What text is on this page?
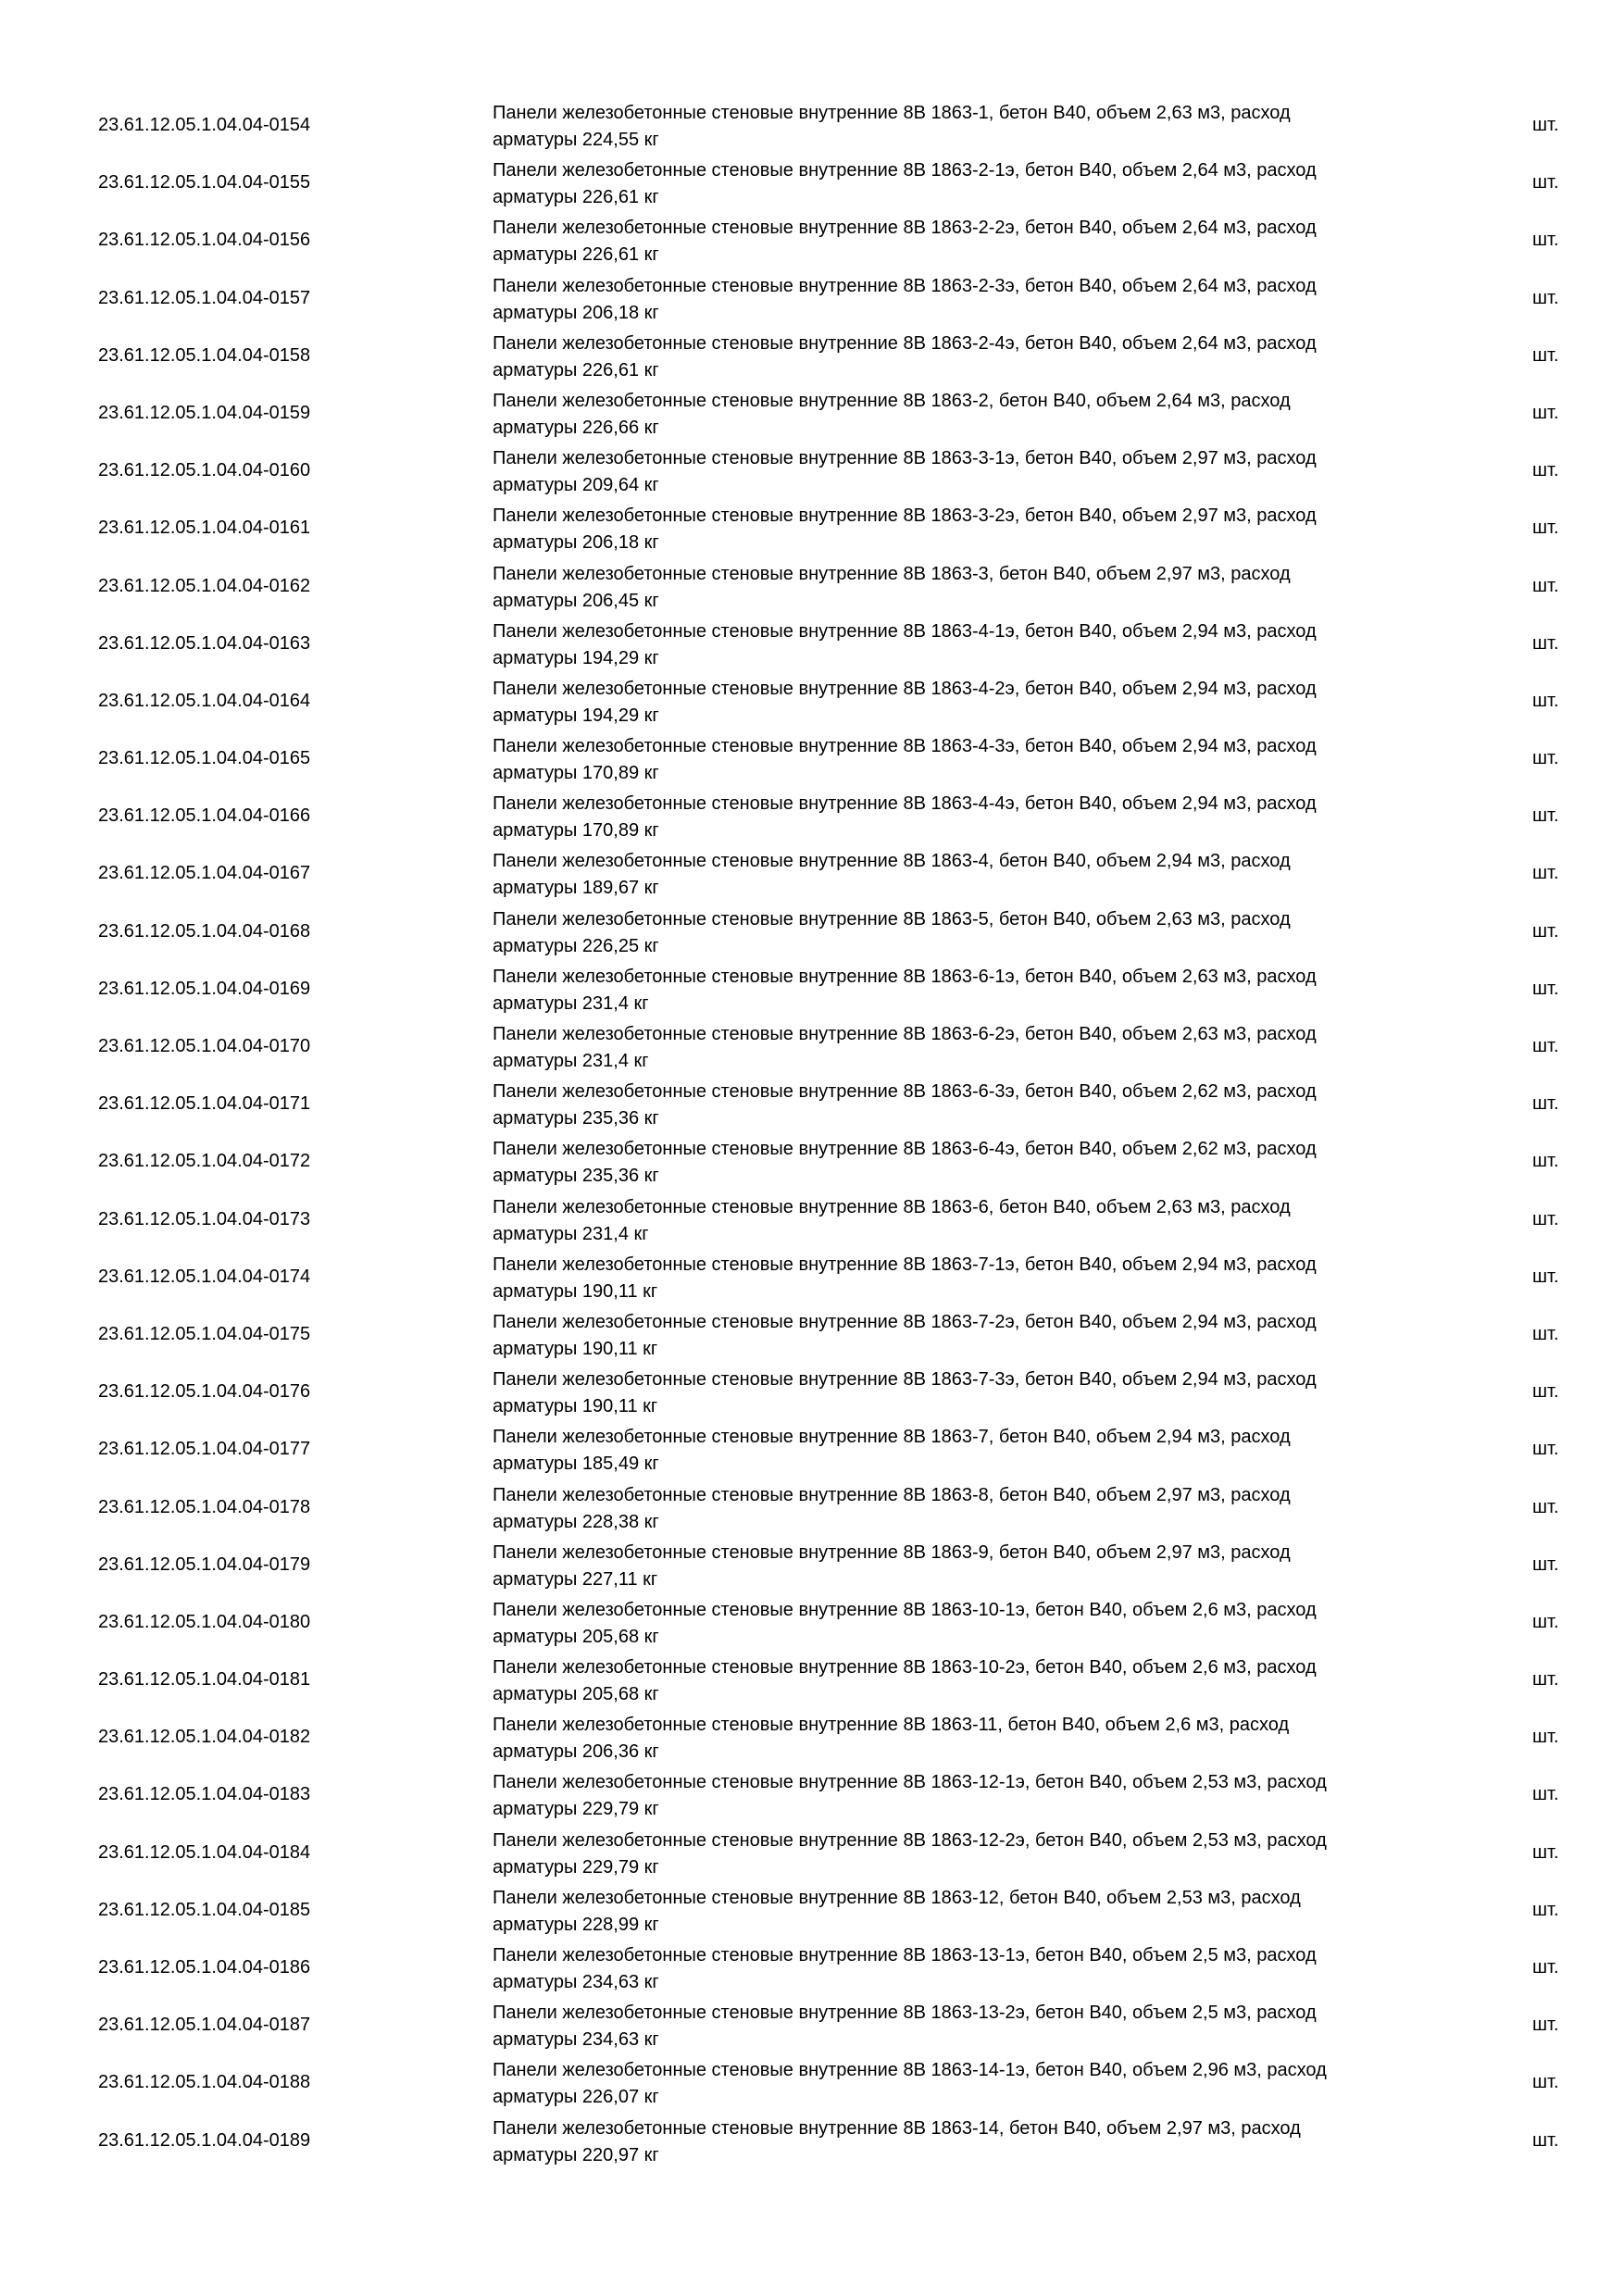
23.61.12.05.1.04.04-0154
Панели железобетонные стеновые внутренние 8В 1863-1, бетон В40, объем 2,63 м3, расход
арматуры 224,55 кг
шт.
23.61.12.05.1.04.04-0155
Панели железобетонные стеновые внутренние 8В 1863-2-1э, бетон В40, объем 2,64 м3, расход
арматуры 226,61 кг
шт.
23.61.12.05.1.04.04-0156
Панели железобетонные стеновые внутренние 8В 1863-2-2э, бетон В40, объем 2,64 м3, расход
арматуры 226,61 кг
шт.
23.61.12.05.1.04.04-0157
Панели железобетонные стеновые внутренние 8В 1863-2-3э, бетон В40, объем 2,64 м3, расход
арматуры 206,18 кг
шт.
23.61.12.05.1.04.04-0158
Панели железобетонные стеновые внутренние 8В 1863-2-4э, бетон В40, объем 2,64 м3, расход
арматуры 226,61 кг
шт.
23.61.12.05.1.04.04-0159
Панели железобетонные стеновые внутренние 8В 1863-2, бетон В40, объем 2,64 м3, расход
арматуры 226,66 кг
шт.
23.61.12.05.1.04.04-0160
Панели железобетонные стеновые внутренние 8В 1863-3-1э, бетон В40, объем 2,97 м3, расход
арматуры 209,64 кг
шт.
23.61.12.05.1.04.04-0161
Панели железобетонные стеновые внутренние 8В 1863-3-2э, бетон В40, объем 2,97 м3, расход
арматуры 206,18 кг
шт.
23.61.12.05.1.04.04-0162
Панели железобетонные стеновые внутренние 8В 1863-3, бетон В40, объем 2,97 м3, расход
арматуры 206,45 кг
шт.
23.61.12.05.1.04.04-0163
Панели железобетонные стеновые внутренние 8В 1863-4-1э, бетон В40, объем 2,94 м3, расход
арматуры 194,29 кг
шт.
23.61.12.05.1.04.04-0164
Панели железобетонные стеновые внутренние 8В 1863-4-2э, бетон В40, объем 2,94 м3, расход
арматуры 194,29 кг
шт.
23.61.12.05.1.04.04-0165
Панели железобетонные стеновые внутренние 8В 1863-4-3э, бетон В40, объем 2,94 м3, расход
арматуры 170,89 кг
шт.
23.61.12.05.1.04.04-0166
Панели железобетонные стеновые внутренние 8В 1863-4-4э, бетон В40, объем 2,94 м3, расход
арматуры 170,89 кг
шт.
23.61.12.05.1.04.04-0167
Панели железобетонные стеновые внутренние 8В 1863-4, бетон В40, объем 2,94 м3, расход
арматуры 189,67 кг
шт.
23.61.12.05.1.04.04-0168
Панели железобетонные стеновые внутренние 8В 1863-5, бетон В40, объем 2,63 м3, расход
арматуры 226,25 кг
шт.
23.61.12.05.1.04.04-0169
Панели железобетонные стеновые внутренние 8В 1863-6-1э, бетон В40, объем 2,63 м3, расход
арматуры 231,4 кг
шт.
23.61.12.05.1.04.04-0170
Панели железобетонные стеновые внутренние 8В 1863-6-2э, бетон В40, объем 2,63 м3, расход
арматуры 231,4 кг
шт.
23.61.12.05.1.04.04-0171
Панели железобетонные стеновые внутренние 8В 1863-6-3э, бетон В40, объем 2,62 м3, расход
арматуры 235,36 кг
шт.
23.61.12.05.1.04.04-0172
Панели железобетонные стеновые внутренние 8В 1863-6-4э, бетон В40, объем 2,62 м3, расход
арматуры 235,36 кг
шт.
23.61.12.05.1.04.04-0173
Панели железобетонные стеновые внутренние 8В 1863-6, бетон В40, объем 2,63 м3, расход
арматуры 231,4 кг
шт.
23.61.12.05.1.04.04-0174
Панели железобетонные стеновые внутренние 8В 1863-7-1э, бетон В40, объем 2,94 м3, расход
арматуры 190,11 кг
шт.
23.61.12.05.1.04.04-0175
Панели железобетонные стеновые внутренние 8В 1863-7-2э, бетон В40, объем 2,94 м3, расход
арматуры 190,11 кг
шт.
23.61.12.05.1.04.04-0176
Панели железобетонные стеновые внутренние 8В 1863-7-3э, бетон В40, объем 2,94 м3, расход
арматуры 190,11 кг
шт.
23.61.12.05.1.04.04-0177
Панели железобетонные стеновые внутренние 8В 1863-7, бетон В40, объем 2,94 м3, расход
арматуры 185,49 кг
шт.
23.61.12.05.1.04.04-0178
Панели железобетонные стеновые внутренние 8В 1863-8, бетон В40, объем 2,97 м3, расход
арматуры 228,38 кг
шт.
23.61.12.05.1.04.04-0179
Панели железобетонные стеновые внутренние 8В 1863-9, бетон В40, объем 2,97 м3, расход
арматуры 227,11 кг
шт.
23.61.12.05.1.04.04-0180
Панели железобетонные стеновые внутренние 8В 1863-10-1э, бетон В40, объем 2,6 м3, расход
арматуры 205,68 кг
шт.
23.61.12.05.1.04.04-0181
Панели железобетонные стеновые внутренние 8В 1863-10-2э, бетон В40, объем 2,6 м3, расход
арматуры 205,68 кг
шт.
23.61.12.05.1.04.04-0182
Панели железобетонные стеновые внутренние 8В 1863-11, бетон В40, объем 2,6 м3, расход
арматуры 206,36 кг
шт.
23.61.12.05.1.04.04-0183
Панели железобетонные стеновые внутренние 8В 1863-12-1э, бетон В40, объем 2,53 м3, расход
арматуры 229,79 кг
шт.
23.61.12.05.1.04.04-0184
Панели железобетонные стеновые внутренние 8В 1863-12-2э, бетон В40, объем 2,53 м3, расход
арматуры 229,79 кг
шт.
23.61.12.05.1.04.04-0185
Панели железобетонные стеновые внутренние 8В 1863-12, бетон В40, объем 2,53 м3, расход
арматуры 228,99 кг
шт.
23.61.12.05.1.04.04-0186
Панели железобетонные стеновые внутренние 8В 1863-13-1э, бетон В40, объем 2,5 м3, расход
арматуры 234,63 кг
шт.
23.61.12.05.1.04.04-0187
Панели железобетонные стеновые внутренние 8В 1863-13-2э, бетон В40, объем 2,5 м3, расход
арматуры 234,63 кг
шт.
23.61.12.05.1.04.04-0188
Панели железобетонные стеновые внутренние 8В 1863-14-1э, бетон В40, объем 2,96 м3, расход
арматуры 226,07 кг
шт.
23.61.12.05.1.04.04-0189
Панели железобетонные стеновые внутренние 8В 1863-14, бетон В40, объем 2,97 м3, расход
арматуры 220,97 кг
шт.
